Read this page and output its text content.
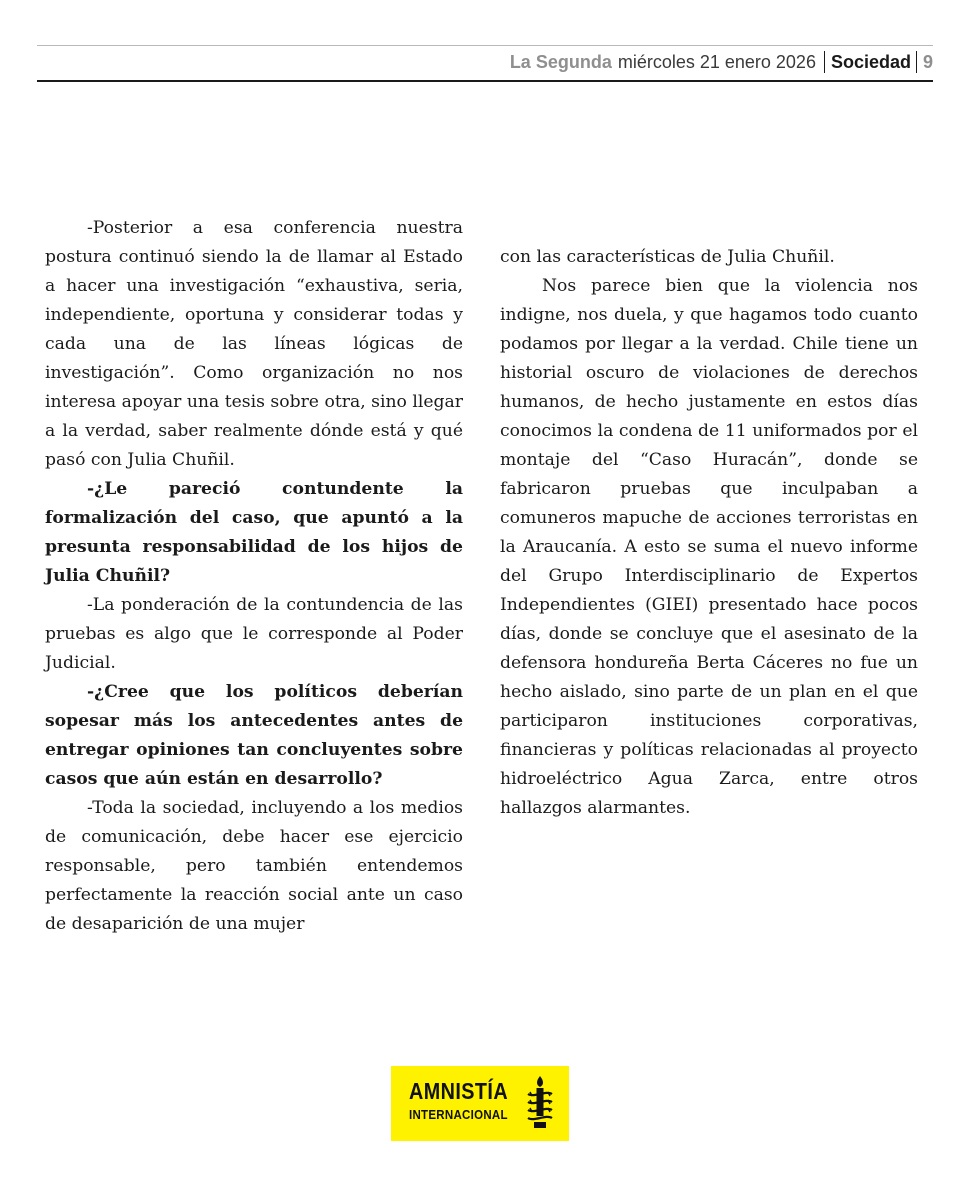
La Segunda miércoles 21 enero 2026 Sociedad 9

-Posterior a esa conferencia nuestra postura continuó siendo la de llamar al Estado a hacer una investigación “exhaustiva, seria, independiente, oportuna y considerar todas y cada una de las líneas lógicas de investigación”. Como organización no nos interesa apoyar una tesis sobre otra, sino llegar a la verdad, saber realmente dónde está y qué pasó con Julia Chuñil.

-¿Le pareció contundente la formalización del caso, que apuntó a la presunta responsabilidad de los hijos de Julia Chuñil?

-La ponderación de la contundencia de las pruebas es algo que le corresponde al Poder Judicial.

-¿Cree que los políticos deberían sopesar más los antecedentes antes de entregar opiniones tan concluyentes sobre casos que aún están en desarrollo?

-Toda la sociedad, incluyendo a los medios de comunicación, debe hacer ese ejercicio responsable, pero también entendemos perfectamente la reacción social ante un caso de desaparición de una mujer

con las características de Julia Chuñil.

Nos parece bien que la violencia nos indigne, nos duela, y que hagamos todo cuanto podamos por llegar a la verdad. Chile tiene un historial oscuro de violaciones de derechos humanos, de hecho justamente en estos días conocimos la condena de 11 uniformados por el montaje del “Caso Huracán”, donde se fabricaron pruebas que inculpaban a comuneros mapuche de acciones terroristas en la Araucanía. A esto se suma el nuevo informe del Grupo Interdisciplinario de Expertos Independientes (GIEI) presentado hace pocos días, donde se concluye que el asesinato de la defensora hondureña Berta Cáceres no fue un hecho aislado, sino parte de un plan en el que participaron instituciones corporativas, financieras y políticas relacionadas al proyecto hidroeléctrico Agua Zarca, entre otros hallazgos alarmantes.

AMNISTÍA
INTERNACIONAL
